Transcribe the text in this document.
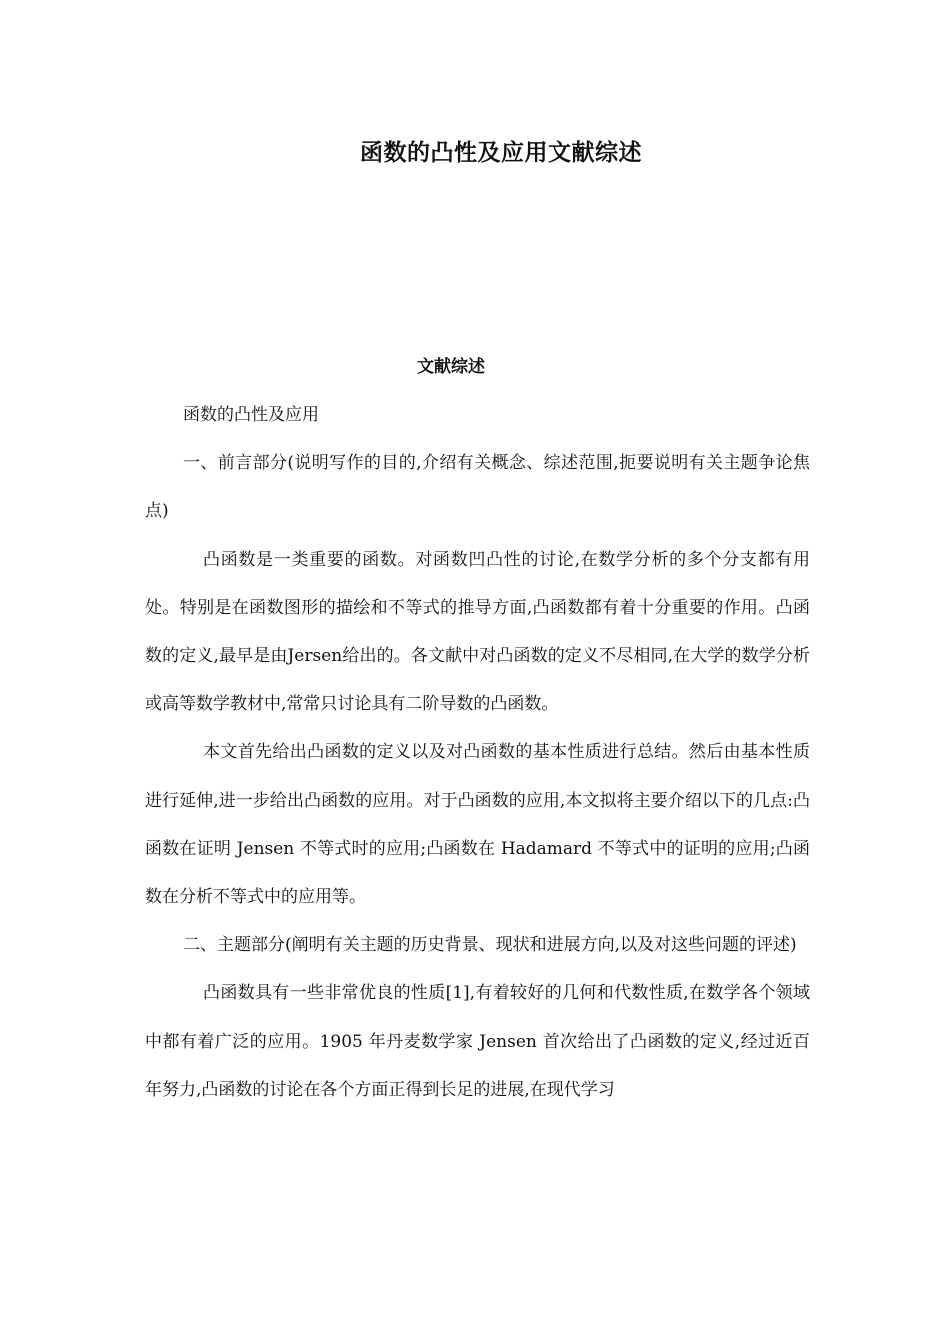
函数的凸性及应用文献综述
文献综述

函数的凸性及应用

一、前言部分(说明写作的目的,介绍有关概念、综述范围,扼要说明有关主题争论焦点)

凸函数是一类重要的函数。对函数凹凸性的讨论,在数学分析的多个分支都有用处。特别是在函数图形的描绘和不等式的推导方面,凸函数都有着十分重要的作用。凸函数的定义,最早是由Jersen给出的。各文献中对凸函数的定义不尽相同,在大学的数学分析或高等数学教材中,常常只讨论具有二阶导数的凸函数。

本文首先给出凸函数的定义以及对凸函数的基本性质进行总结。然后由基本性质进行延伸,进一步给出凸函数的应用。对于凸函数的应用,本文拟将主要介绍以下的几点:凸函数在证明 Jensen 不等式时的应用;凸函数在 Hadamard 不等式中的证明的应用;凸函数在分析不等式中的应用等。

二、主题部分(阐明有关主题的历史背景、现状和进展方向,以及对这些问题的评述)

凸函数具有一些非常优良的性质[1],有着较好的几何和代数性质,在数学各个领域中都有着广泛的应用。1905 年丹麦数学家 Jensen 首次给出了凸函数的定义,经过近百年努力,凸函数的讨论在各个方面正得到长足的进展,在现代学习
